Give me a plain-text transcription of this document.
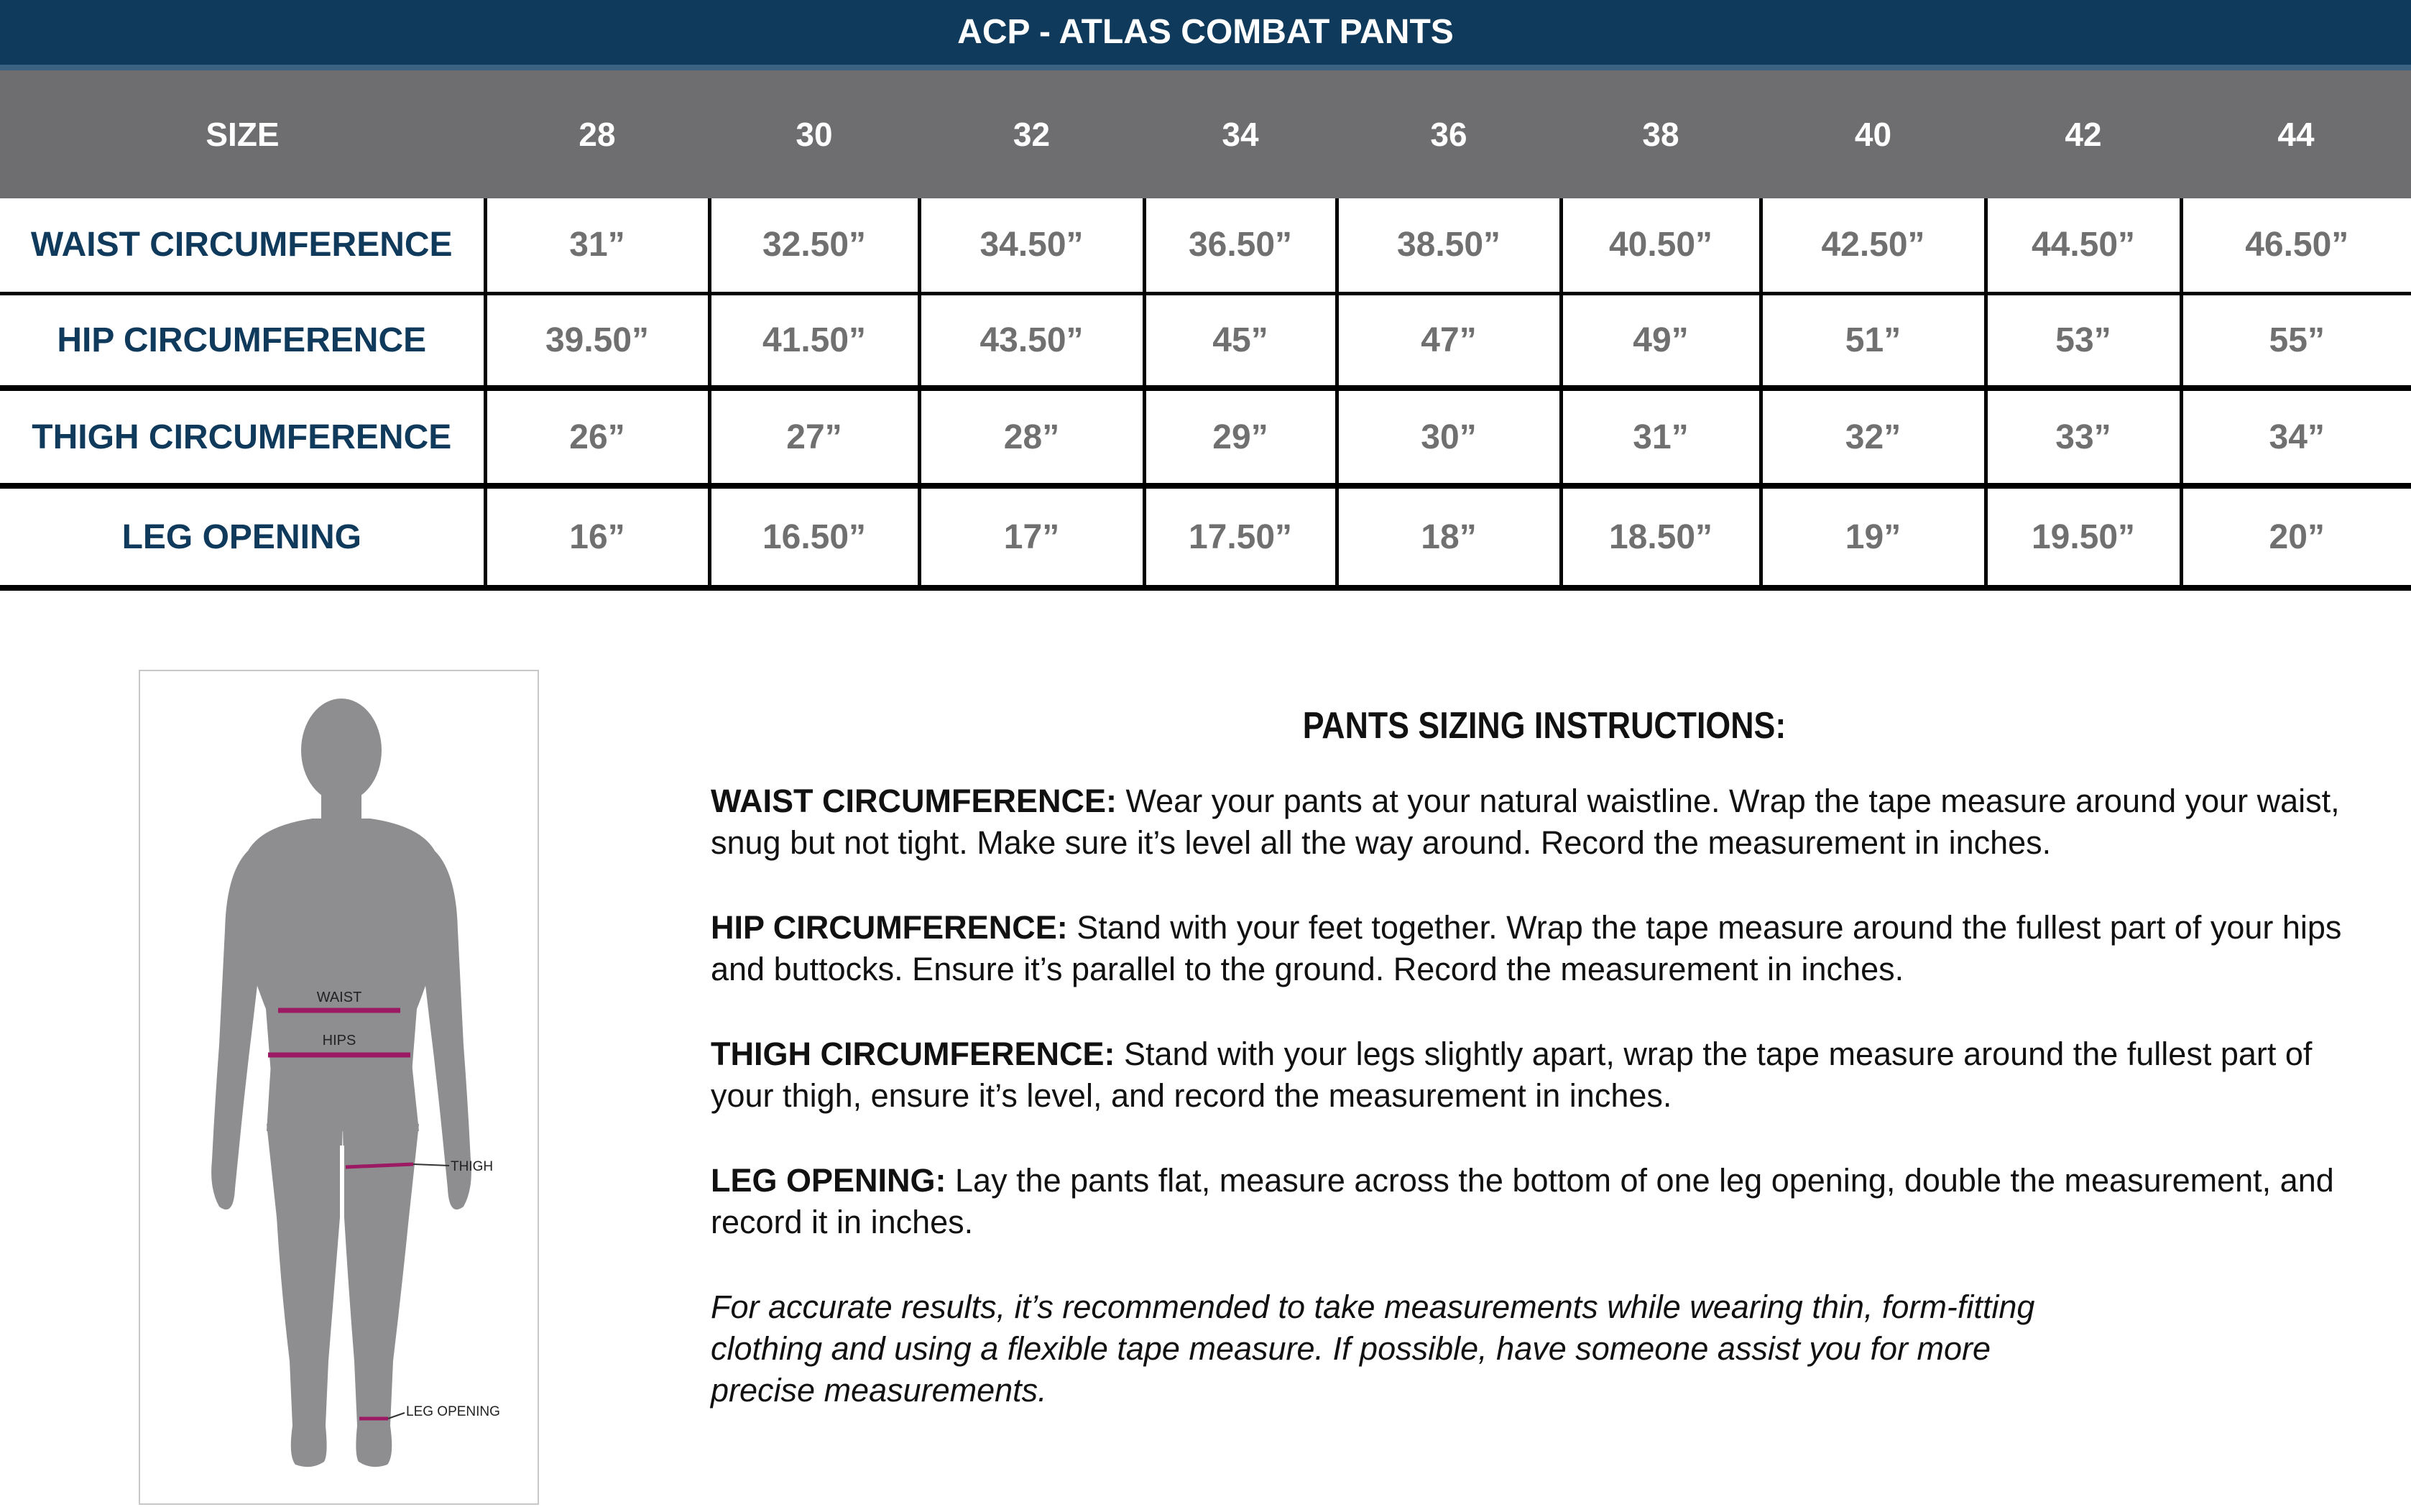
ACP - ATLAS COMBAT PANTS
SIZE	28	30	32	34	36	38	40	42	44
WAIST CIRCUMFERENCE	31”	32.50”	34.50”	36.50”	38.50”	40.50”	42.50”	44.50”	46.50”
HIP CIRCUMFERENCE	39.50”	41.50”	43.50”	45”	47”	49”	51”	53”	55”
THIGH CIRCUMFERENCE	26”	27”	28”	29”	30”	31”	32”	33”	34”
LEG OPENING	16”	16.50”	17”	17.50”	18”	18.50”	19”	19.50”	20”
WAIST
HIPS
THIGH
LEG OPENING
PANTS SIZING INSTRUCTIONS:

WAIST CIRCUMFERENCE: Wear your pants at your natural waistline. Wrap the tape measure around your waist, snug but not tight. Make sure it’s level all the way around. Record the measurement in inches.

HIP CIRCUMFERENCE: Stand with your feet together. Wrap the tape measure around the fullest part of your hips and buttocks. Ensure it’s parallel to the ground. Record the measurement in inches.

THIGH CIRCUMFERENCE: Stand with your legs slightly apart, wrap the tape measure around the fullest part of your thigh, ensure it’s level, and record the measurement in inches.

LEG OPENING: Lay the pants flat, measure across the bottom of one leg opening, double the measurement, and record it in inches.

For accurate results, it’s recommended to take measurements while wearing thin, form-fitting clothing and using a flexible tape measure. If possible, have someone assist you for more precise measurements.
